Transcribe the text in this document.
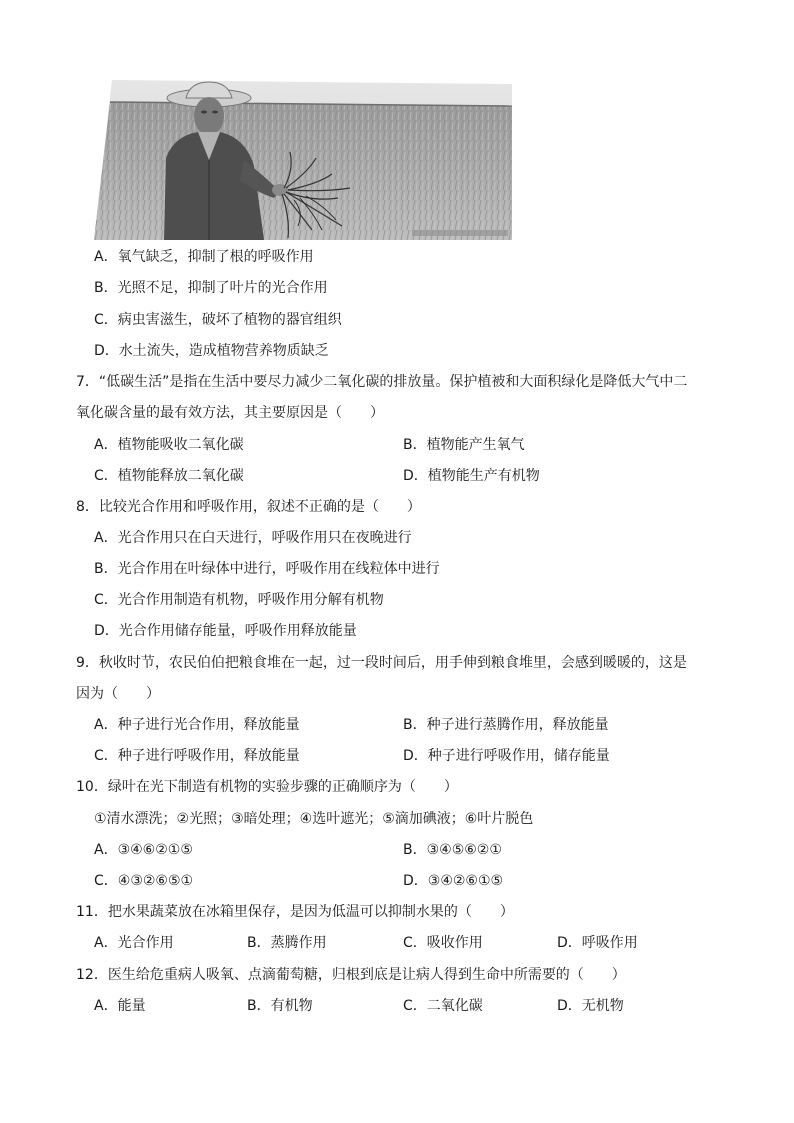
A．氧气缺乏，抑制了根的呼吸作用
B．光照不足，抑制了叶片的光合作用
C．病虫害滋生，破坏了植物的器官组织
D．水土流失，造成植物营养物质缺乏
7．“低碳生活”是指在生活中要尽力减少二氧化碳的排放量。保护植被和大面积绿化是降低大气中二
氧化碳含量的最有效方法，其主要原因是（　　）
A．植物能吸收二氧化碳	B．植物能产生氧气
C．植物能释放二氧化碳	D．植物能生产有机物
8．比较光合作用和呼吸作用，叙述不正确的是（　　）
A．光合作用只在白天进行，呼吸作用只在夜晚进行
B．光合作用在叶绿体中进行，呼吸作用在线粒体中进行
C．光合作用制造有机物，呼吸作用分解有机物
D．光合作用储存能量，呼吸作用释放能量
9．秋收时节，农民伯伯把粮食堆在一起，过一段时间后，用手伸到粮食堆里，会感到暖暖的，这是
因为（　　）
A．种子进行光合作用，释放能量	B．种子进行蒸腾作用，释放能量
C．种子进行呼吸作用，释放能量	D．种子进行呼吸作用，储存能量
10．绿叶在光下制造有机物的实验步骤的正确顺序为（　　）
①清水漂洗；②光照；③暗处理；④选叶遮光；⑤滴加碘液；⑥叶片脱色
A．③④⑥②①⑤	B．③④⑤⑥②①
C．④③②⑥⑤①	D．③④②⑥①⑤
11．把水果蔬菜放在冰箱里保存，是因为低温可以抑制水果的（　　）
A．光合作用	B．蒸腾作用	C．吸收作用	D．呼吸作用
12．医生给危重病人吸氧、点滴葡萄糖，归根到底是让病人得到生命中所需要的（　　）
A．能量	B．有机物	C．二氧化碳	D．无机物
